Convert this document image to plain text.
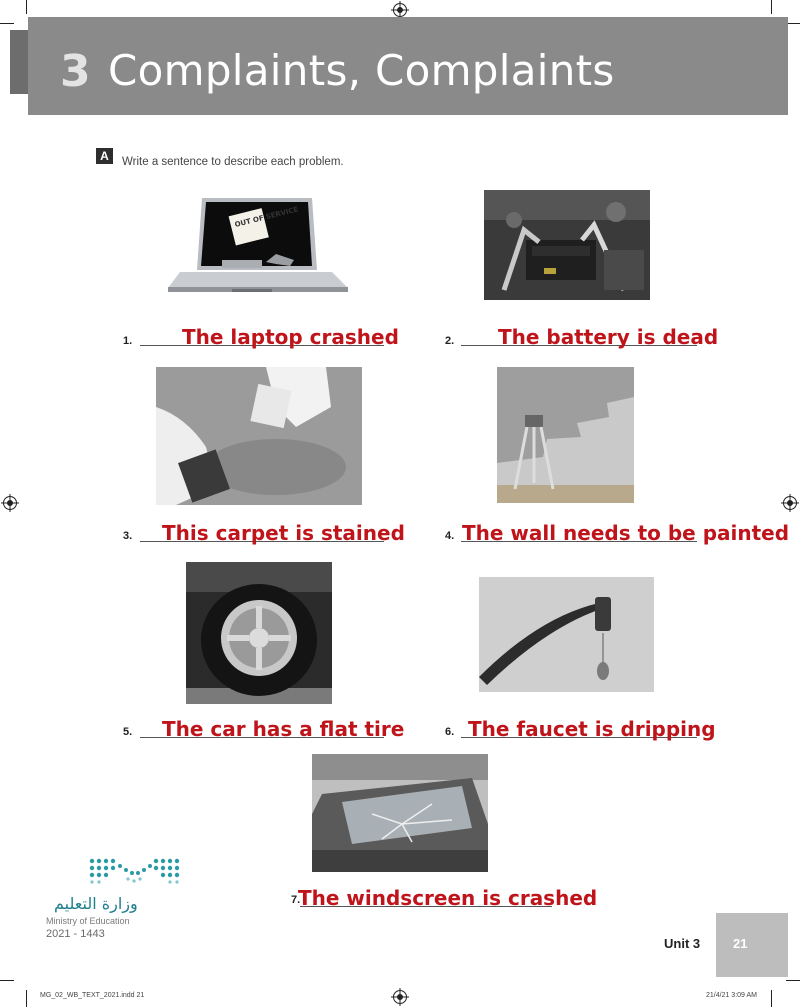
3 Complaints, Complaints
A	Write a sentence to describe each problem.
OUT OF SERVICE
1. The laptop crashed	2. The battery is dead
3. This carpet is stained	4. The wall needs to be painted
5. The car has a flat tire	6. The faucet is dripping
7.
The windscreen is crashed
وزارة التعليم
Ministry of Education
2021 - 1443
Unit 3	21
MG_02_WB_TEXT_2021.indd 21	21/4/21 3:09 AM
